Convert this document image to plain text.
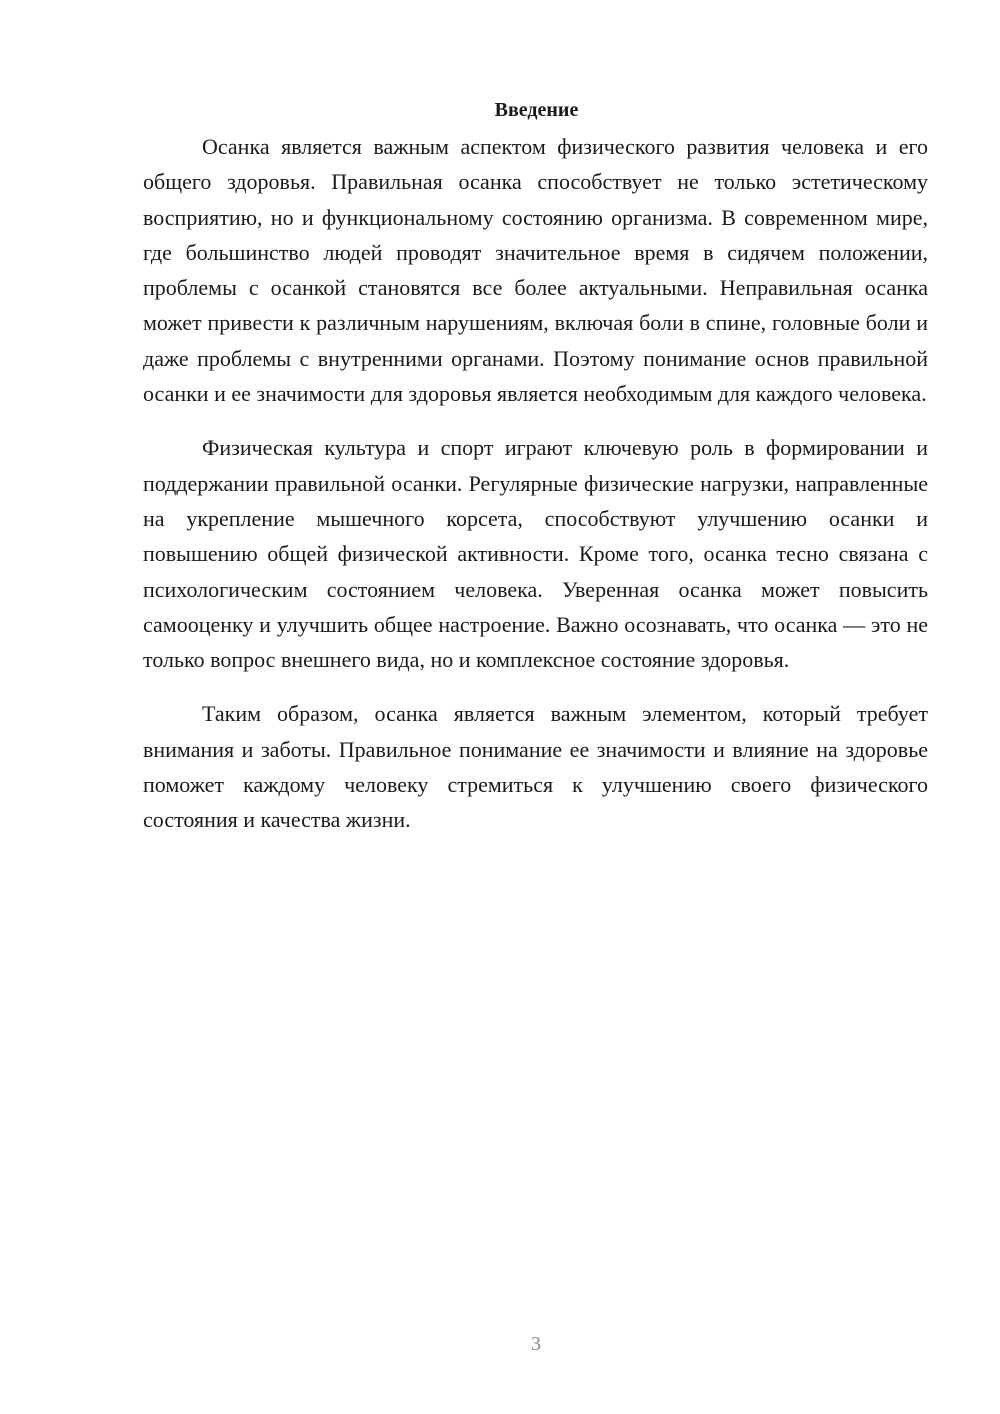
Введение

Осанка является важным аспектом физического развития человека и его общего здоровья. Правильная осанка способствует не только эстетическому восприятию, но и функциональному состоянию организма. В современном мире, где большинство людей проводят значительное время в сидячем положении, проблемы с осанкой становятся все более актуальными. Неправильная осанка может привести к различным нарушениям, включая боли в спине, головные боли и даже проблемы с внутренними органами. Поэтому понимание основ правильной осанки и ее значимости для здоровья является необходимым для каждого человека.

Физическая культура и спорт играют ключевую роль в формировании и поддержании правильной осанки. Регулярные физические нагрузки, направленные на укрепление мышечного корсета, способствуют улучшению осанки и повышению общей физической активности. Кроме того, осанка тесно связана с психологическим состоянием человека. Уверенная осанка может повысить самооценку и улучшить общее настроение. Важно осознавать, что осанка — это не только вопрос внешнего вида, но и комплексное состояние здоровья.

Таким образом, осанка является важным элементом, который требует внимания и заботы. Правильное понимание ее значимости и влияние на здоровье поможет каждому человеку стремиться к улучшению своего физического состояния и качества жизни.

3
